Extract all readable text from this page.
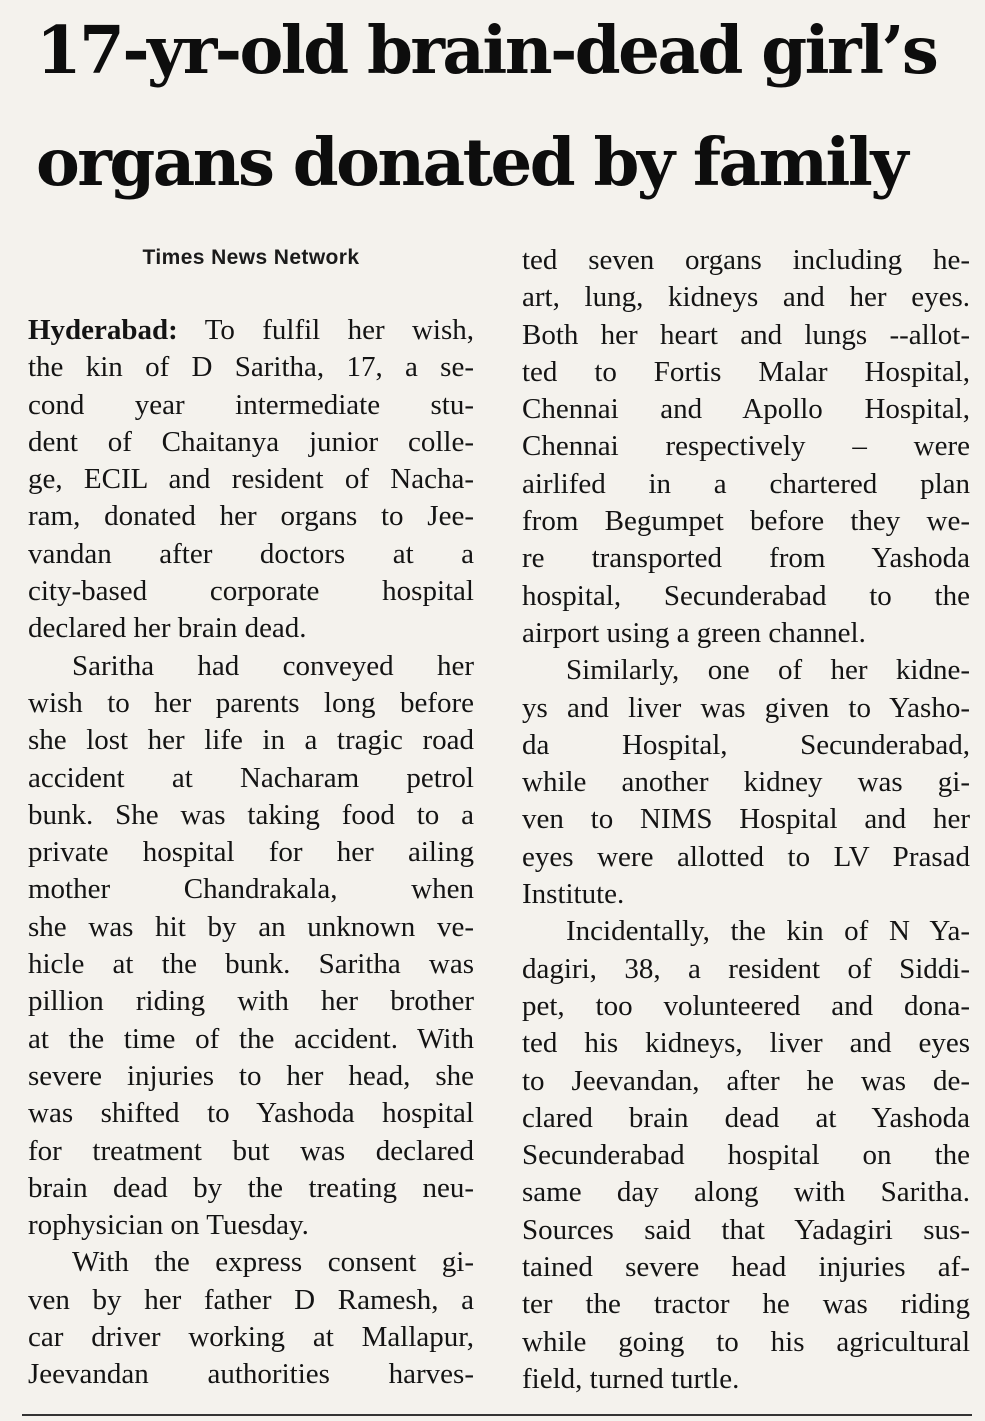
17-yr-old brain-dead girl’s
organs donated by family
Times News Network
Hyderabad: To fulfil her wish,
the kin of D Saritha, 17, a se-
cond year intermediate stu-
dent of Chaitanya junior colle-
ge, ECIL and resident of Nacha-
ram, donated her organs to Jee-
vandan after doctors at a
city-based corporate hospital
declared her brain dead.
Saritha had conveyed her
wish to her parents long before
she lost her life in a tragic road
accident at Nacharam petrol
bunk. She was taking food to a
private hospital for her ailing
mother Chandrakala, when
she was hit by an unknown ve-
hicle at the bunk. Saritha was
pillion riding with her brother
at the time of the accident. With
severe injuries to her head, she
was shifted to Yashoda hospital
for treatment but was declared
brain dead by the treating neu-
rophysician on Tuesday.
With the express consent gi-
ven by her father D Ramesh, a
car driver working at Mallapur,
Jeevandan authorities harves-
ted seven organs including he-
art, lung, kidneys and her eyes.
Both her heart and lungs --allot-
ted to Fortis Malar Hospital,
Chennai and Apollo Hospital,
Chennai respectively – were
airlifed in a chartered plan
from Begumpet before they we-
re transported from Yashoda
hospital, Secunderabad to the
airport using a green channel.
Similarly, one of her kidne-
ys and liver was given to Yasho-
da Hospital, Secunderabad,
while another kidney was gi-
ven to NIMS Hospital and her
eyes were allotted to LV Prasad
Institute.
Incidentally, the kin of N Ya-
dagiri, 38, a resident of Siddi-
pet, too volunteered and dona-
ted his kidneys, liver and eyes
to Jeevandan, after he was de-
clared brain dead at Yashoda
Secunderabad hospital on the
same day along with Saritha.
Sources said that Yadagiri sus-
tained severe head injuries af-
ter the tractor he was riding
while going to his agricultural
field, turned turtle.
